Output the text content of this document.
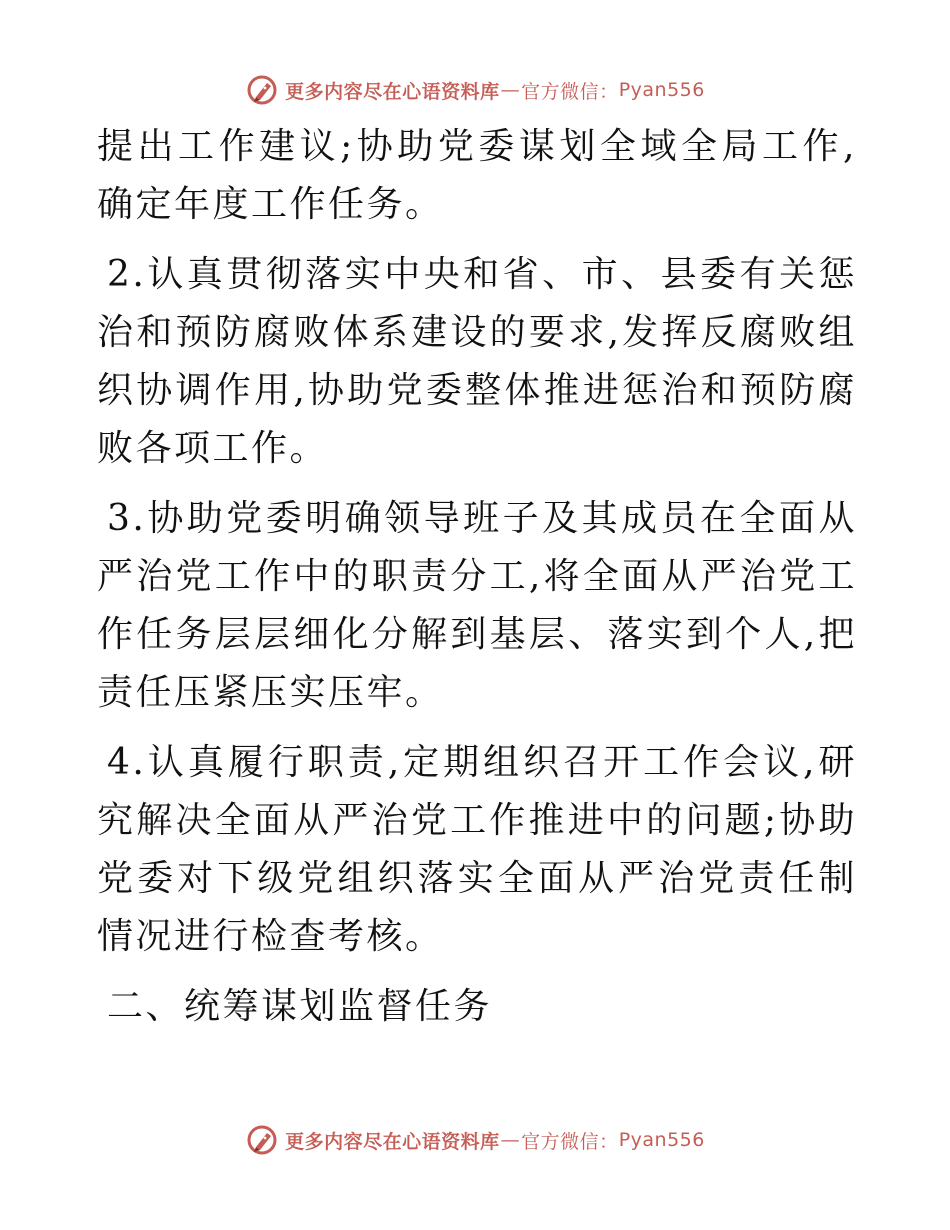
更多内容尽在心语资料库 — 官方微信： Pyan556

提出工作建议;协助党委谋划全域全局工作,确定年度工作任务。

2.认真贯彻落实中央和省、市、县委有关惩治和预防腐败体系建设的要求,发挥反腐败组织协调作用,协助党委整体推进惩治和预防腐败各项工作。

3.协助党委明确领导班子及其成员在全面从严治党工作中的职责分工,将全面从严治党工作任务层层细化分解到基层、落实到个人,把责任压紧压实压牢。

4.认真履行职责,定期组织召开工作会议,研究解决全面从严治党工作推进中的问题;协助党委对下级党组织落实全面从严治党责任制情况进行检查考核。

二、统筹谋划监督任务

更多内容尽在心语资料库 — 官方微信： Pyan556
